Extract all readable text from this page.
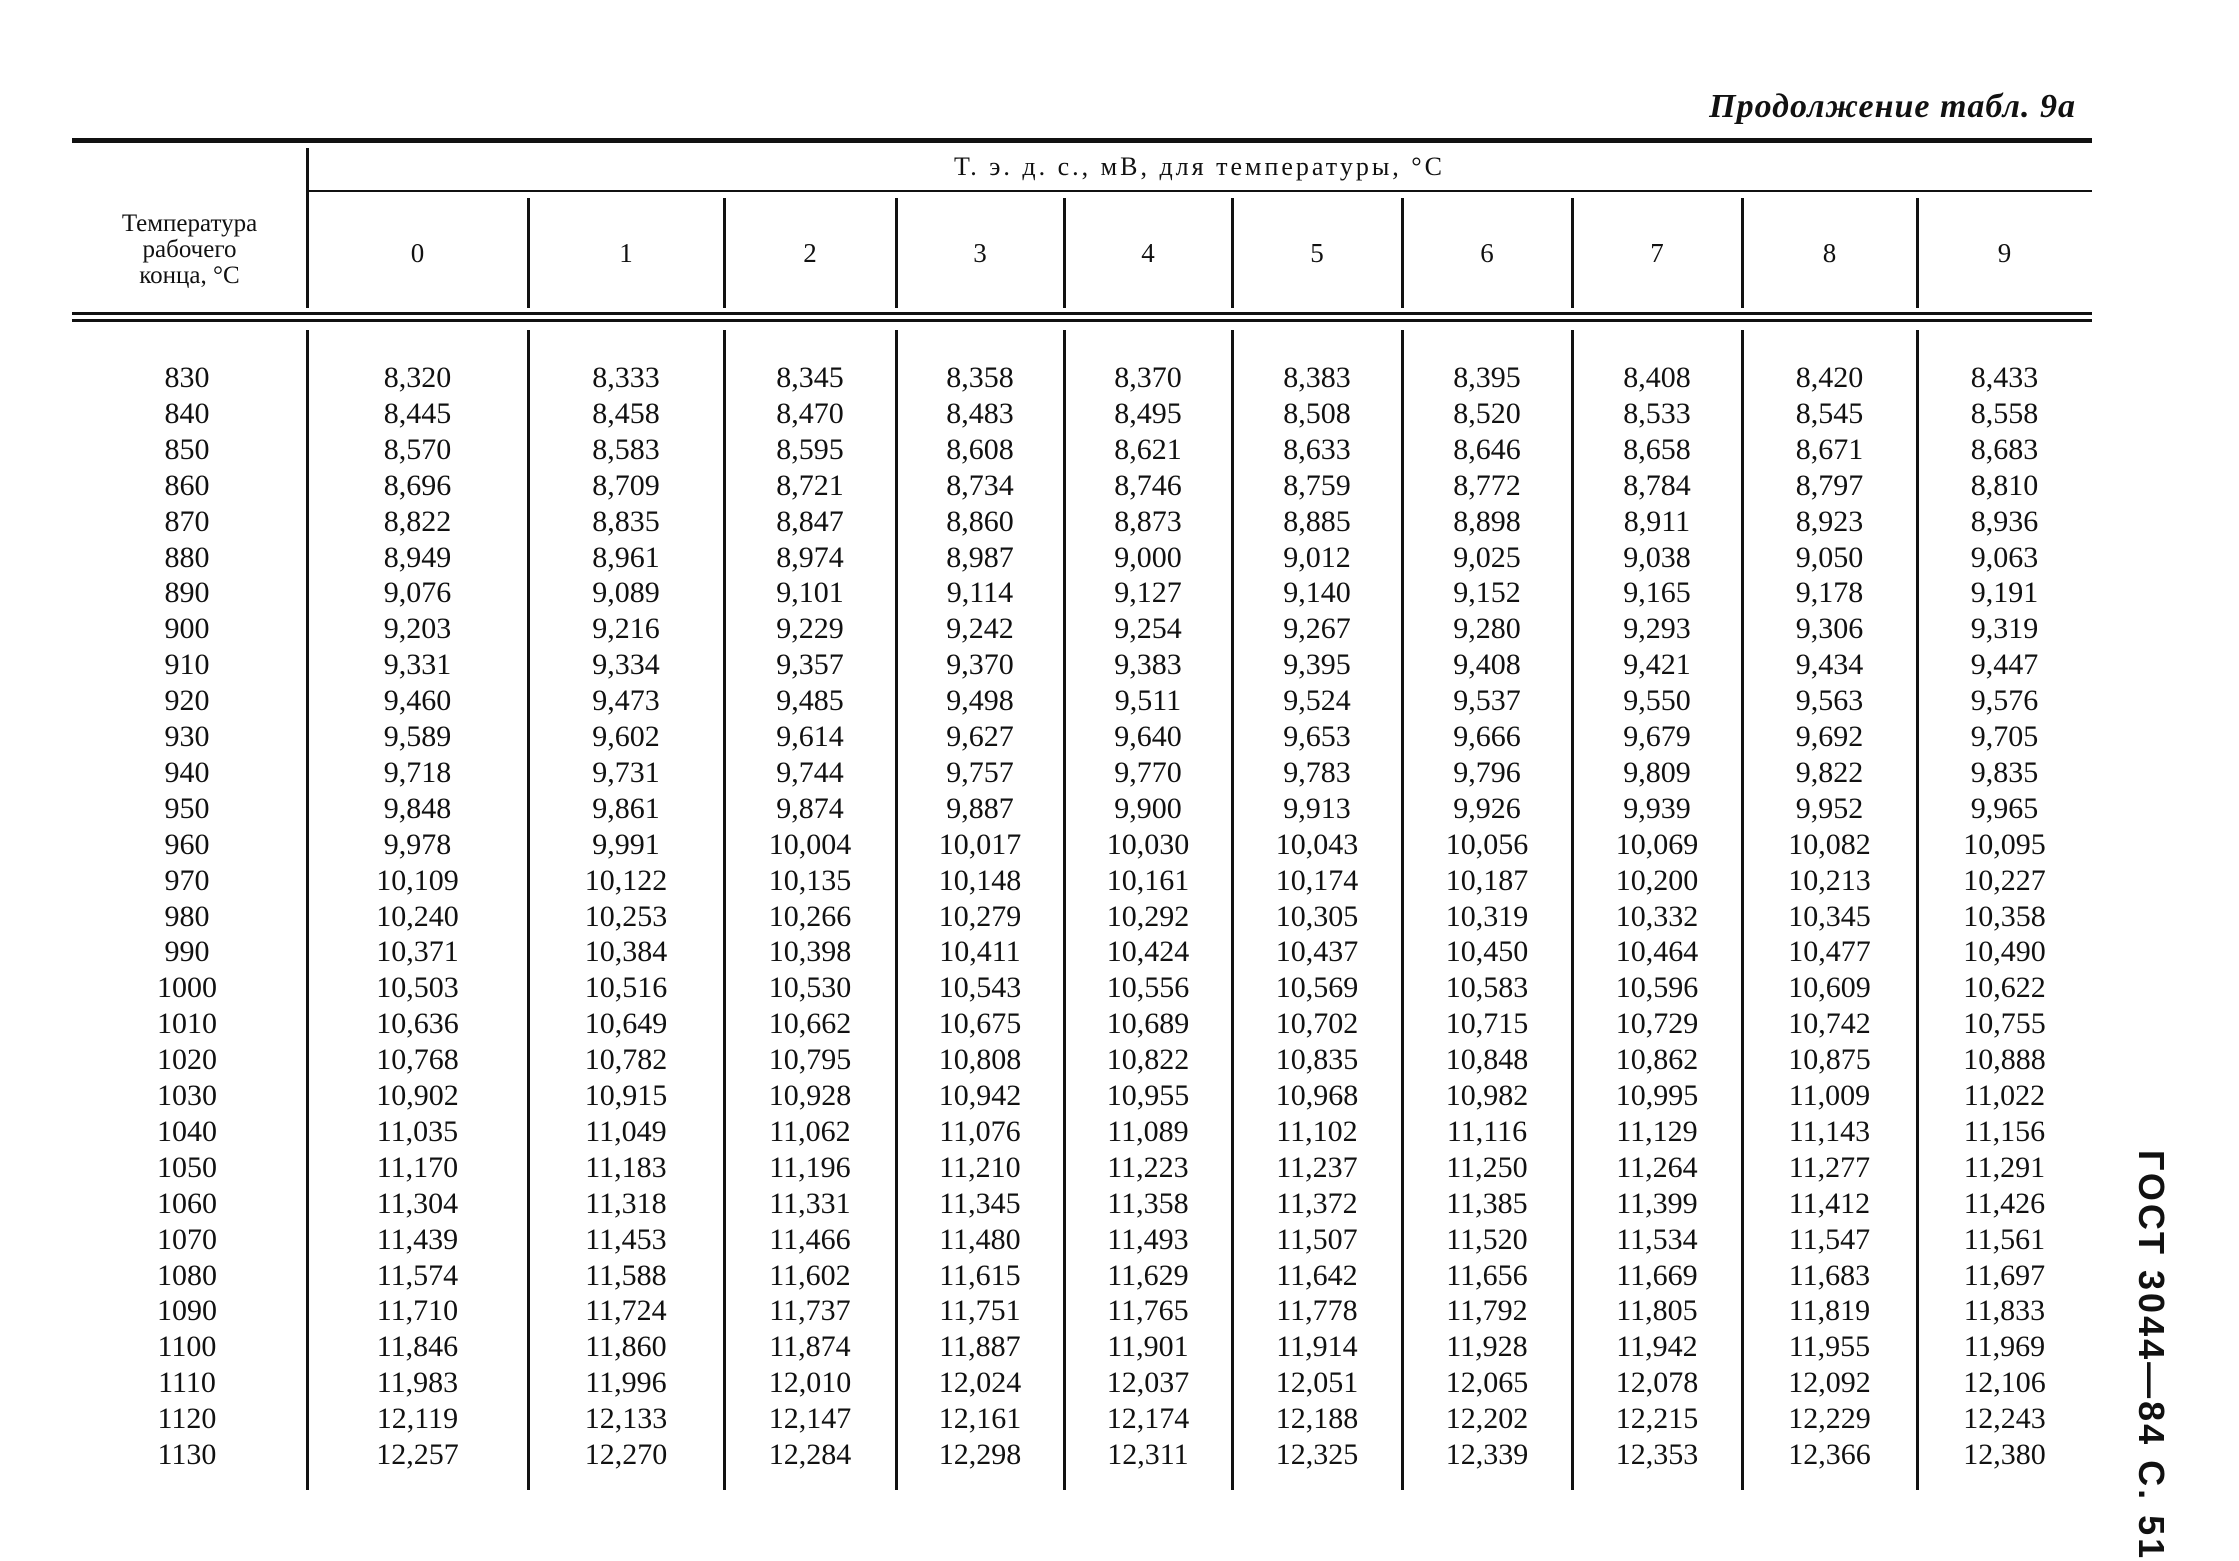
Продолжение табл. 9а
Температура
рабочего
конца, °С
Т. э. д. с., мВ, для температуры, °С
0	1	2	3	4	5	6	7	8	9
830	8,320	8,333	8,345	8,358	8,370	8,383	8,395	8,408	8,420	8,433
840	8,445	8,458	8,470	8,483	8,495	8,508	8,520	8,533	8,545	8,558
850	8,570	8,583	8,595	8,608	8,621	8,633	8,646	8,658	8,671	8,683
860	8,696	8,709	8,721	8,734	8,746	8,759	8,772	8,784	8,797	8,810
870	8,822	8,835	8,847	8,860	8,873	8,885	8,898	8,911	8,923	8,936
880	8,949	8,961	8,974	8,987	9,000	9,012	9,025	9,038	9,050	9,063
890	9,076	9,089	9,101	9,114	9,127	9,140	9,152	9,165	9,178	9,191
900	9,203	9,216	9,229	9,242	9,254	9,267	9,280	9,293	9,306	9,319
910	9,331	9,334	9,357	9,370	9,383	9,395	9,408	9,421	9,434	9,447
920	9,460	9,473	9,485	9,498	9,511	9,524	9,537	9,550	9,563	9,576
930	9,589	9,602	9,614	9,627	9,640	9,653	9,666	9,679	9,692	9,705
940	9,718	9,731	9,744	9,757	9,770	9,783	9,796	9,809	9,822	9,835
950	9,848	9,861	9,874	9,887	9,900	9,913	9,926	9,939	9,952	9,965
960	9,978	9,991	10,004	10,017	10,030	10,043	10,056	10,069	10,082	10,095
970	10,109	10,122	10,135	10,148	10,161	10,174	10,187	10,200	10,213	10,227
980	10,240	10,253	10,266	10,279	10,292	10,305	10,319	10,332	10,345	10,358
990	10,371	10,384	10,398	10,411	10,424	10,437	10,450	10,464	10,477	10,490
1000	10,503	10,516	10,530	10,543	10,556	10,569	10,583	10,596	10,609	10,622
1010	10,636	10,649	10,662	10,675	10,689	10,702	10,715	10,729	10,742	10,755
1020	10,768	10,782	10,795	10,808	10,822	10,835	10,848	10,862	10,875	10,888
1030	10,902	10,915	10,928	10,942	10,955	10,968	10,982	10,995	11,009	11,022
1040	11,035	11,049	11,062	11,076	11,089	11,102	11,116	11,129	11,143	11,156
1050	11,170	11,183	11,196	11,210	11,223	11,237	11,250	11,264	11,277	11,291
1060	11,304	11,318	11,331	11,345	11,358	11,372	11,385	11,399	11,412	11,426
1070	11,439	11,453	11,466	11,480	11,493	11,507	11,520	11,534	11,547	11,561
1080	11,574	11,588	11,602	11,615	11,629	11,642	11,656	11,669	11,683	11,697
1090	11,710	11,724	11,737	11,751	11,765	11,778	11,792	11,805	11,819	11,833
1100	11,846	11,860	11,874	11,887	11,901	11,914	11,928	11,942	11,955	11,969
1110	11,983	11,996	12,010	12,024	12,037	12,051	12,065	12,078	12,092	12,106
1120	12,119	12,133	12,147	12,161	12,174	12,188	12,202	12,215	12,229	12,243
1130	12,257	12,270	12,284	12,298	12,311	12,325	12,339	12,353	12,366	12,380	ГОСТ 3044—84 С. 51
